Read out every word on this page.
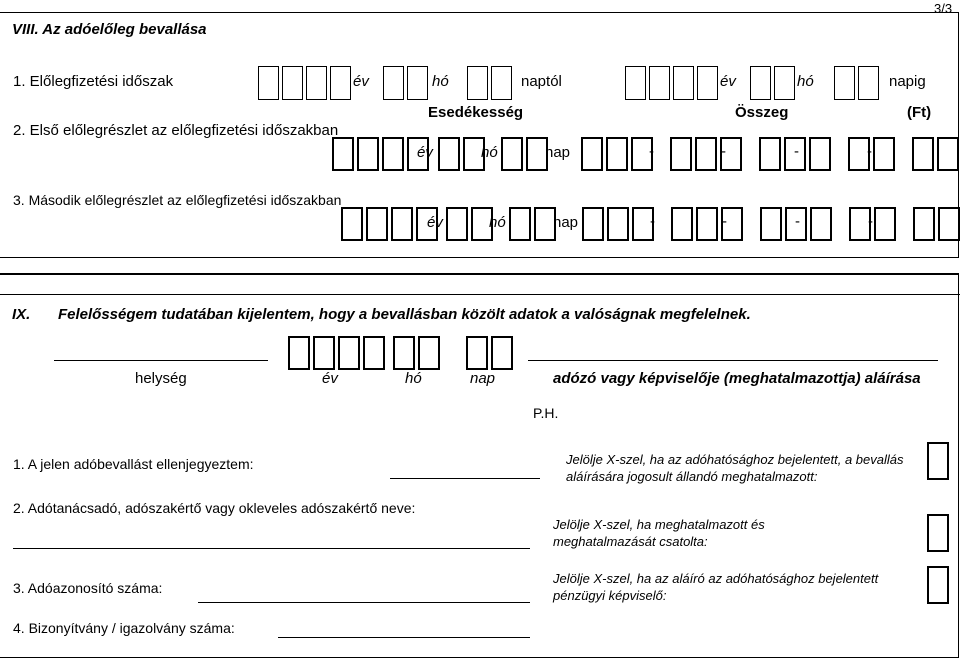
3/3
VIII. Az adóelőleg bevallása
1. Előlegfizetési időszak	év	hó	naptól	év	hó	napig
Esedékesség	Összeg	(Ft)
2. Első előlegrészlet az előlegfizetési időszakban
év	hó	nap	-	-	-	-
3. Második előlegrészlet az előlegfizetési időszakban
év	hó	nap	-	-	-	-
IX. Felelősségem tudatában kijelentem, hogy a bevallásban közölt adatok a valóságnak megfelelnek.
helység	év	hó	nap	adózó vagy képviselője (meghatalmazottja) aláírása
P.H.
1. A jelen adóbevallást ellenjegyeztem:
2. Adótanácsadó, adószakértő vagy okleveles adószakértő neve:
3. Adóazonosító száma:
4. Bizonyítvány / igazolvány száma:
Jelölje X-szel, ha az adóhatósághoz bejelentett, a bevallás aláírására jogosult állandó meghatalmazott:
Jelölje X-szel, ha meghatalmazott és meghatalmazását csatolta:
Jelölje X-szel, ha az aláíró az adóhatósághoz bejelentett pénzügyi képviselő:
